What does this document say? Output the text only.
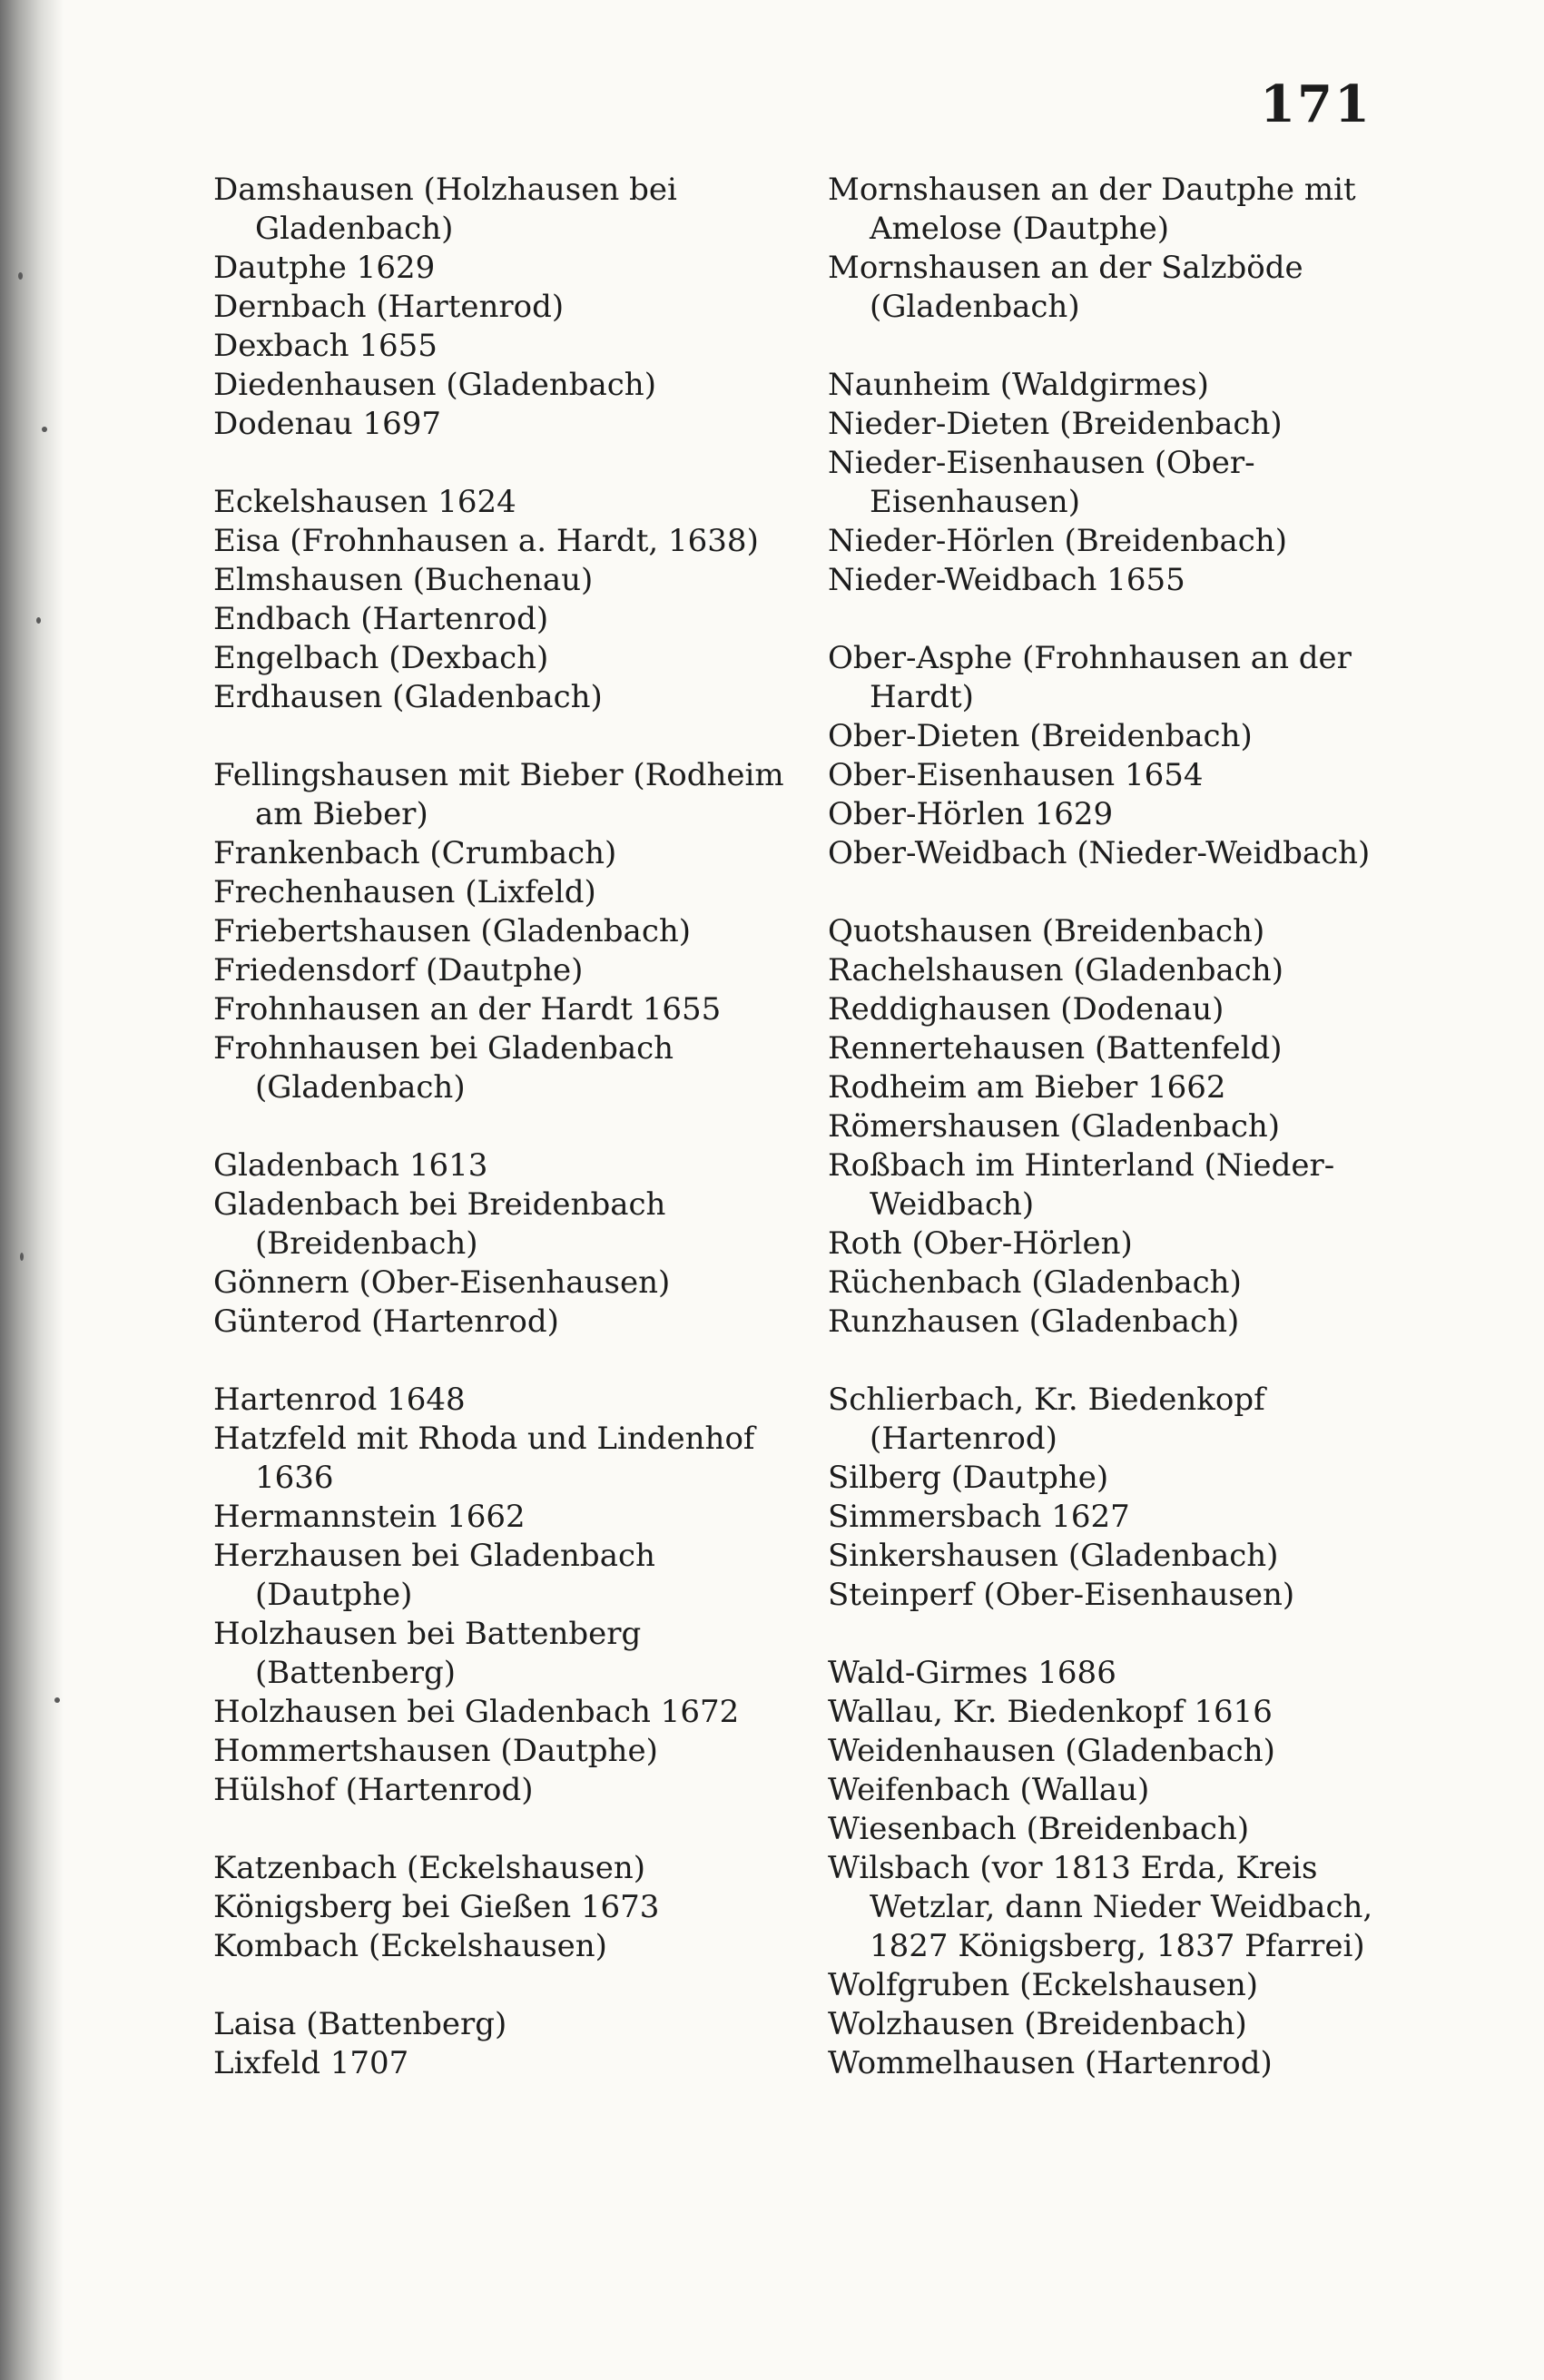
171

Damshausen (Holzhausen bei Gladenbach)

Dautphe 1629

Dernbach (Hartenrod)

Dexbach 1655

Diedenhausen (Gladenbach)

Dodenau 1697

Eckelshausen 1624

Eisa (Frohnhausen a. Hardt, 1638)

Elmshausen (Buchenau)

Endbach (Hartenrod)

Engelbach (Dexbach)

Erdhausen (Gladenbach)

Fellingshausen mit Bieber (Rodheim am Bieber)

Frankenbach (Crumbach)

Frechenhausen (Lixfeld)

Friebertshausen (Gladenbach)

Friedensdorf (Dautphe)

Frohnhausen an der Hardt 1655

Frohnhausen bei Gladenbach (Gladenbach)

Gladenbach 1613

Gladenbach bei Breidenbach (Breidenbach)

Gönnern (Ober-Eisenhausen)

Günterod (Hartenrod)

Hartenrod 1648

Hatzfeld mit Rhoda und Lindenhof 1636

Hermannstein 1662

Herzhausen bei Gladenbach (Dautphe)

Holzhausen bei Battenberg (Battenberg)

Holzhausen bei Gladenbach 1672

Hommertshausen (Dautphe)

Hülshof (Hartenrod)

Katzenbach (Eckelshausen)

Königsberg bei Gießen 1673

Kombach (Eckelshausen)

Laisa (Battenberg)

Lixfeld 1707

Mornshausen an der Dautphe mit Amelose (Dautphe)

Mornshausen an der Salzböde (Gladenbach)

Naunheim (Waldgirmes)

Nieder-Dieten (Breidenbach)

Nieder-Eisenhausen (Ober-Eisenhausen)

Nieder-Hörlen (Breidenbach)

Nieder-Weidbach 1655

Ober-Asphe (Frohnhausen an der Hardt)

Ober-Dieten (Breidenbach)

Ober-Eisenhausen 1654

Ober-Hörlen 1629

Ober-Weidbach (Nieder-Weidbach)

Quotshausen (Breidenbach)

Rachelshausen (Gladenbach)

Reddighausen (Dodenau)

Rennertehausen (Battenfeld)

Rodheim am Bieber 1662

Römershausen (Gladenbach)

Roßbach im Hinterland (Nieder-Weidbach)

Roth (Ober-Hörlen)

Rüchenbach (Gladenbach)

Runzhausen (Gladenbach)

Schlierbach, Kr. Biedenkopf (Hartenrod)

Silberg (Dautphe)

Simmersbach 1627

Sinkershausen (Gladenbach)

Steinperf (Ober-Eisenhausen)

Wald-Girmes 1686

Wallau, Kr. Biedenkopf 1616

Weidenhausen (Gladenbach)

Weifenbach (Wallau)

Wiesenbach (Breidenbach)

Wilsbach (vor 1813 Erda, Kreis Wetzlar, dann Nieder Weidbach, 1827 Königsberg, 1837 Pfarrei)

Wolfgruben (Eckelshausen)

Wolzhausen (Breidenbach)

Wommelhausen (Hartenrod)
